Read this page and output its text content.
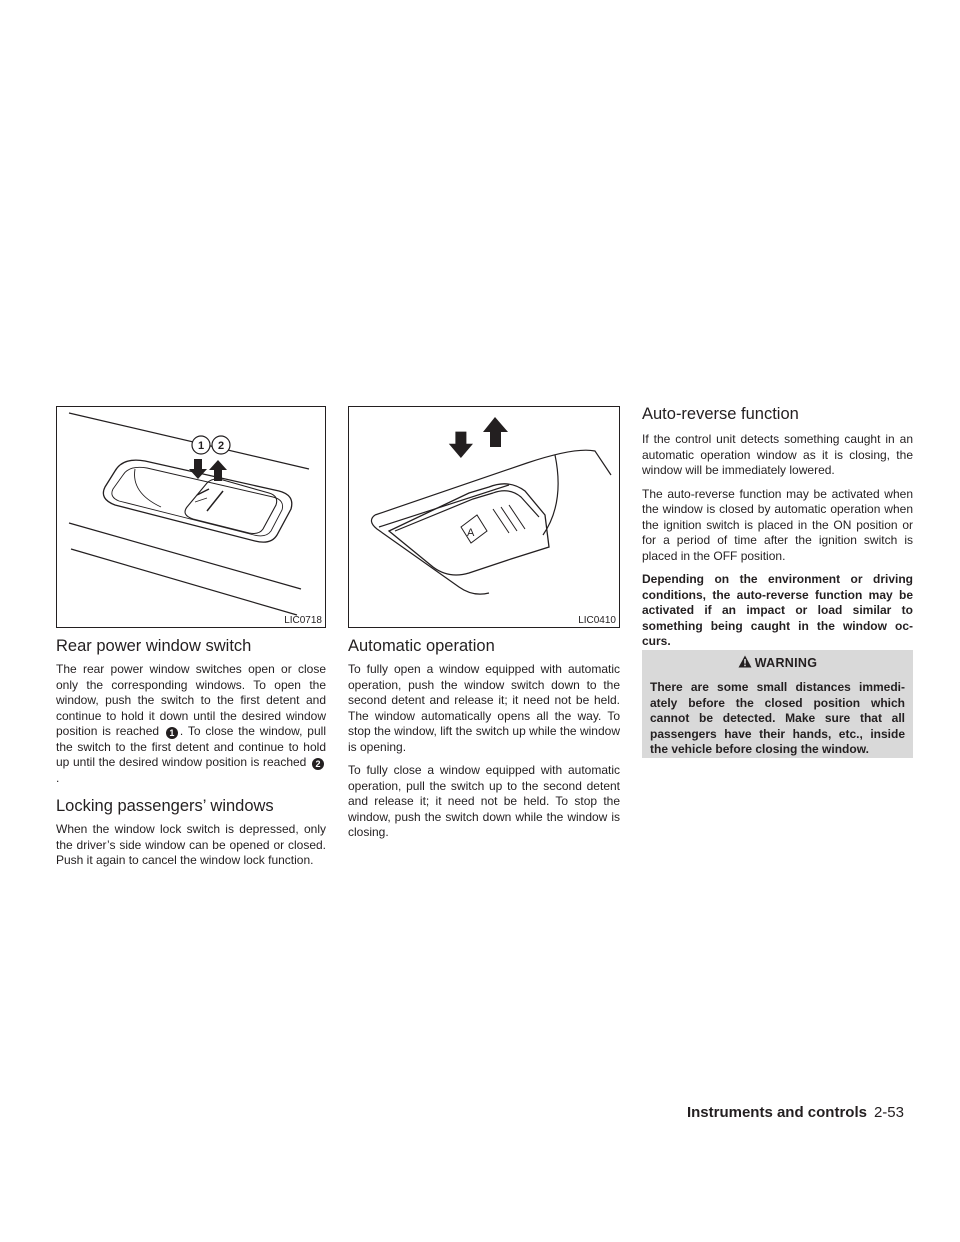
1 2
LIC0718
A
LIC0410
Rear power window switch

The rear power window switches open or close only the corresponding windows. To open the window, push the switch to the first detent and continue to hold it down until the desired window position is reached 1 . To close the window, pull the switch to the first detent and continue to hold up until the desired window position is reached 2.

Locking passengers’ windows

When the window lock switch is depressed, only the driver’s side window can be opened or closed. Push it again to cancel the window lock function.

Automatic operation

To fully open a window equipped with automatic operation, push the window switch down to the second detent and release it; it need not be held. The window automatically opens all the way. To stop the window, lift the switch up while the window is opening.

To fully close a window equipped with automatic operation, pull the switch up to the second detent and release it; it need not be held. To stop the window, push the switch down while the window is closing.

Auto-reverse function

If the control unit detects something caught in an automatic operation window as it is closing, the window will be immediately lowered.

The auto-reverse function may be activated when the window is closed by automatic operation when the ignition switch is placed in the ON position or for a period of time after the ignition switch is placed in the OFF position.

Depending on the environment or driving conditions, the auto-reverse function may be activated if an impact or load similar to something being caught in the window oc- curs.

WARNING
There are some small distances immedi- ately before the closed position which cannot be detected. Make sure that all passengers have their hands, etc., inside the vehicle before closing the window.
Instruments and controls 2-53
